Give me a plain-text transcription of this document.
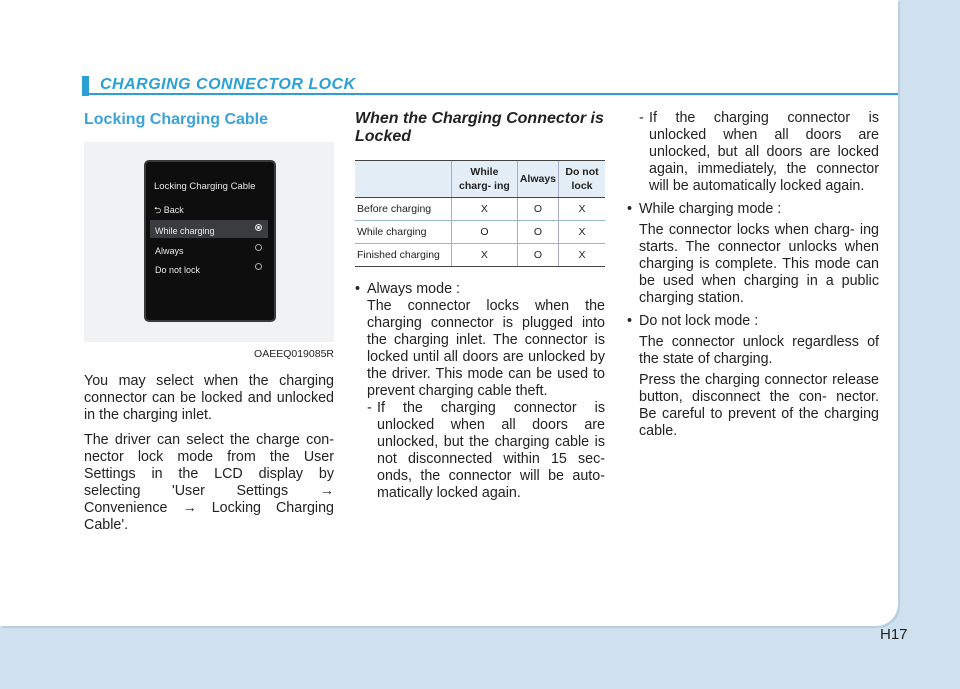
CHARGING CONNECTOR LOCK
Locking Charging Cable
Locking Charging Cable
⮌ Back
While charging
Always
Do not lock
OAEEQ019085R

You may select when the charging connector can be locked and unlocked in the charging inlet.

The driver can select the charge con- nector lock mode from the User Settings in the LCD display by selecting 'User Settings → Convenience → Locking Charging Cable'.

When the Charging Connector is Locked
	While charg- ing	Always	Do not lock
Before charging	X	O	X
While charging	O	O	X
Finished charging	X	O	X

• Always mode :

The connector locks when the charging connector is plugged into the charging inlet. The connector is locked until all doors are unlocked by the driver. This mode can be used to prevent charging cable theft.

- If the charging connector is unlocked when all doors are unlocked, but the charging cable is not disconnected within 15 sec- onds, the connector will be auto- matically locked again.

- If the charging connector is unlocked when all doors are unlocked, but all doors are locked again, immediately, the connector will be automatically locked again.

• While charging mode :

The connector locks when charg- ing starts. The connector unlocks when charging is complete. This mode can be used when charging in a public charging station.

• Do not lock mode :

The connector unlock regardless of the state of charging.

Press the charging connector release button, disconnect the con- nector. Be careful to prevent of the charging cable.

H17
